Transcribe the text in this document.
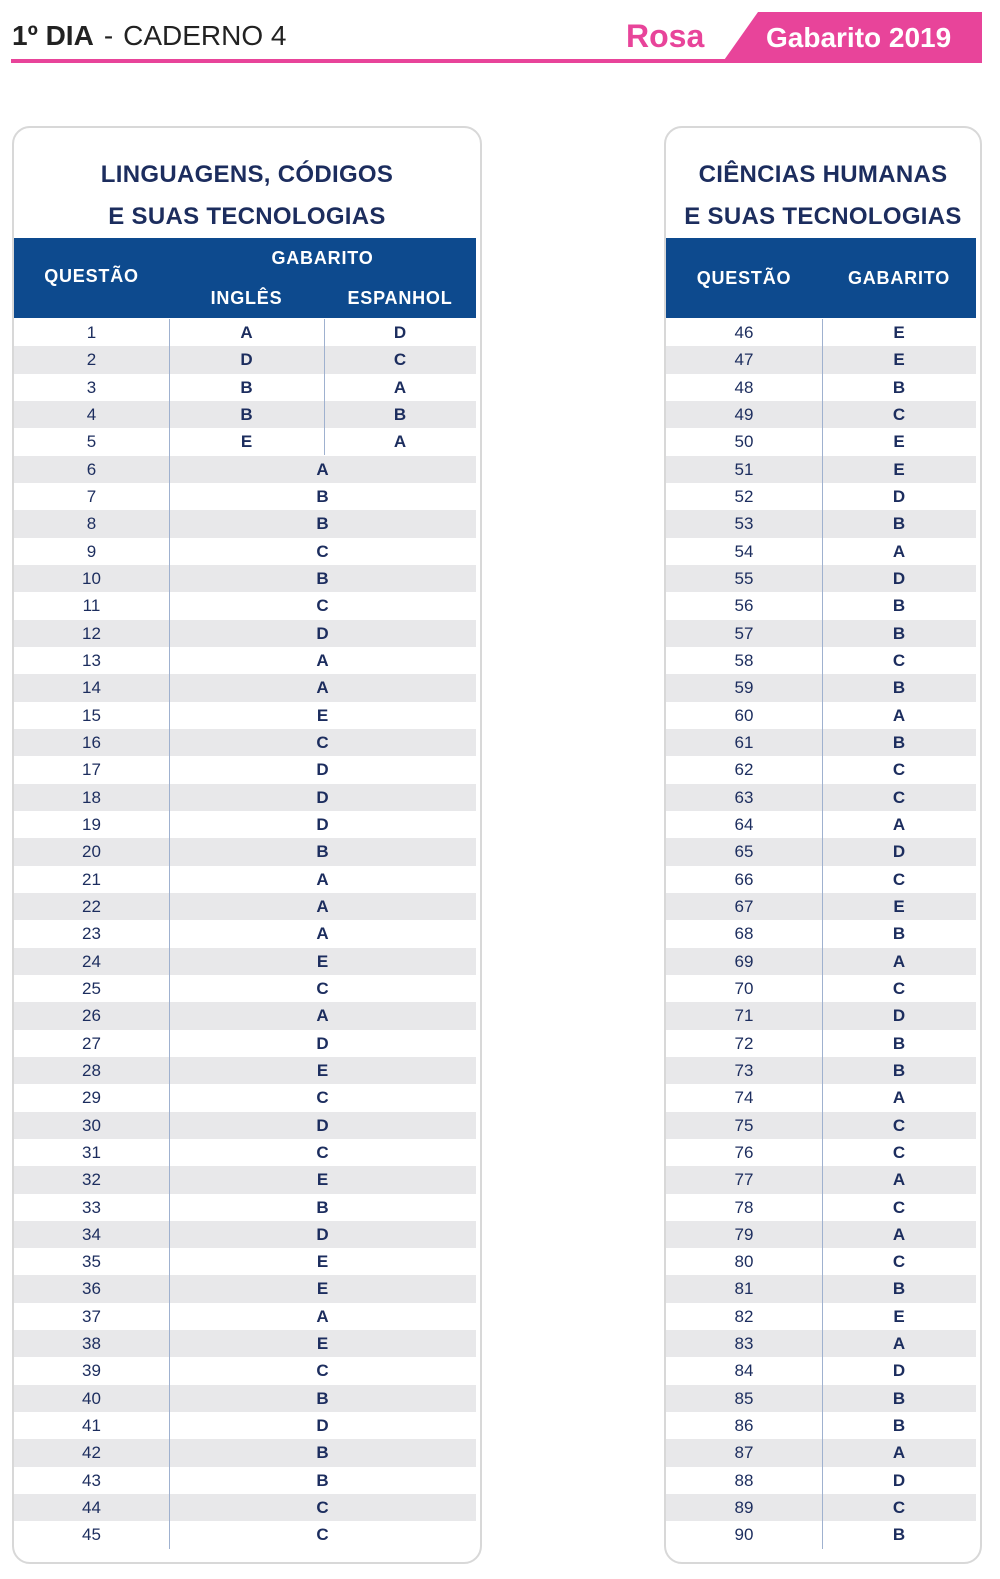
1º DIA - CADERNO 4	Rosa Gabarito 2019
LINGUAGENS, CÓDIGOS
E SUAS TECNOLOGIAS
QUESTÃO
GABARITO
INGLÊS	ESPANHOL
1	A	D
2	D	C
3	B	A
4	B	B
5	E	A
6	A
7	B
8	B
9	C
10	B
11	C
12	D
13	A
14	A
15	E
16	C
17	D
18	D
19	D
20	B
21	A
22	A
23	A
24	E
25	C
26	A
27	D
28	E
29	C
30	D
31	C
32	E
33	B
34	D
35	E
36	E
37	A
38	E
39	C
40	B
41	D
42	B
43	B
44	C
45	C
CIÊNCIAS HUMANAS
E SUAS TECNOLOGIAS
QUESTÃO	GABARITO
46	E
47	E
48	B
49	C
50	E
51	E
52	D
53	B
54	A
55	D
56	B
57	B
58	C
59	B
60	A
61	B
62	C
63	C
64	A
65	D
66	C
67	E
68	B
69	A
70	C
71	D
72	B
73	B
74	A
75	C
76	C
77	A
78	C
79	A
80	C
81	B
82	E
83	A
84	D
85	B
86	B
87	A
88	D
89	C
90	B
